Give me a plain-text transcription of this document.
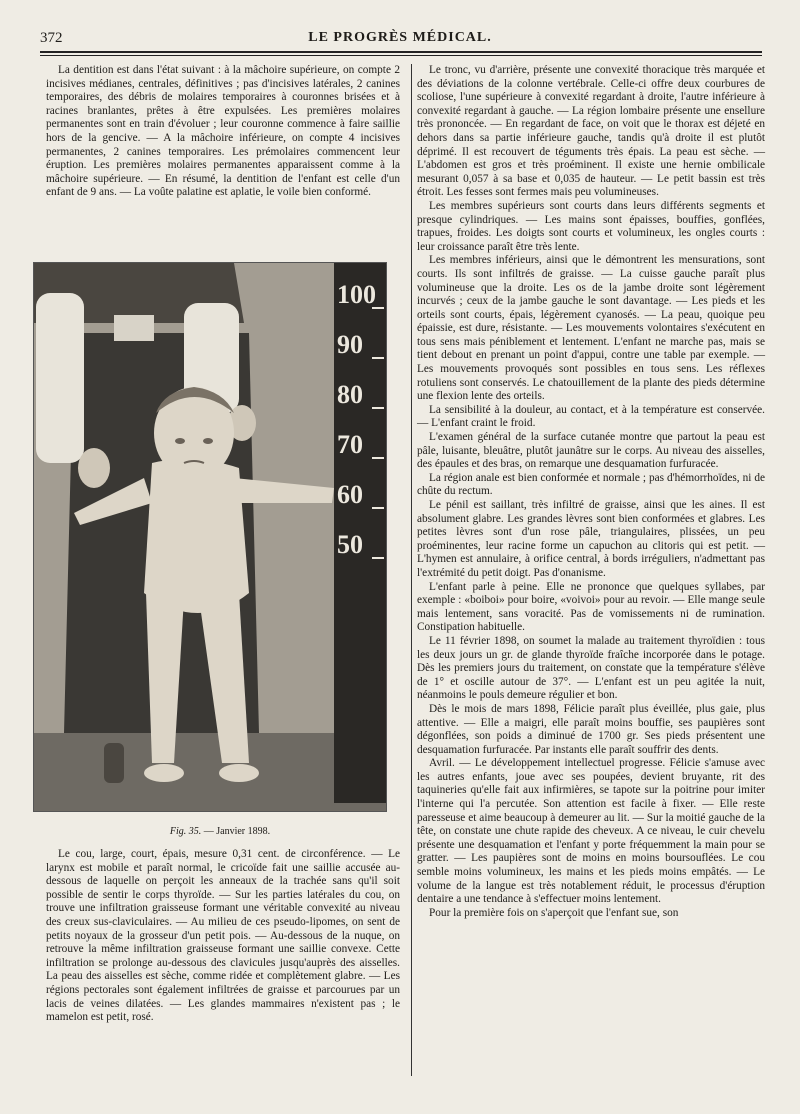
372	LE PROGRÈS MÉDICAL.

La dentition est dans l'état suivant : à la mâchoire supérieure, on compte 2 incisives médianes, centrales, définitives ; pas d'incisives latérales, 2 canines temporaires, des débris de molaires temporaires à couronnes brisées et à racines branlantes, prêtes à être expulsées. Les premières molaires permanentes sont en train d'évoluer ; leur couronne commence à faire saillie hors de la gencive. — A la mâchoire inférieure, on compte 4 incisives permanentes, 2 canines temporaires. Les prémolaires commencent leur éruption. Les premières molaires permanentes apparaissent comme à la mâchoire supérieure. — En résumé, la dentition de l'enfant est celle d'un enfant de 9 ans. — La voûte palatine est aplatie, le voile bien conformé.

100
90
80
70
60
50
Fig. 35. — Janvier 1898.

Le cou, large, court, épais, mesure 0,31 cent. de circonférence. — Le larynx est mobile et paraît normal, le cricoïde fait une saillie accusée au-dessous de laquelle on perçoit les anneaux de la trachée sans qu'il soit possible de sentir le corps thyroïde. — Sur les parties latérales du cou, on trouve une infiltration graisseuse formant une véritable convexité au niveau des creux sus-claviculaires. — Au milieu de ces pseudo-lipomes, on sent de petits noyaux de la grosseur d'un petit pois. — Au-dessous de la nuque, on retrouve la même infiltration graisseuse formant une saillie convexe. Cette infiltration se prolonge au-dessous des clavicules jusqu'auprès des aisselles. La peau des aisselles est sèche, comme ridée et complètement glabre. — Les régions pectorales sont également infiltrées de graisse et parcourues par un lacis de veines dilatées. — Les glandes mammaires n'existent pas ; le mamelon est petit, rosé.

Le tronc, vu d'arrière, présente une convexité thoracique très marquée et des déviations de la colonne vertébrale. Celle-ci offre deux courbures de scoliose, l'une supérieure à convexité regardant à droite, l'autre inférieure à convexité regardant à gauche. — La région lombaire présente une ensellure très prononcée. — En regardant de face, on voit que le thorax est déjeté en dehors dans sa partie inférieure gauche, tandis qu'à droite il est plutôt déprimé. Il est recouvert de téguments très épais. La peau est sèche. — L'abdomen est gros et très proéminent. Il existe une hernie ombilicale mesurant 0,057 à sa base et 0,035 de hauteur. — Le petit bassin est très étroit. Les fesses sont fermes mais peu volumineuses.

Les membres supérieurs sont courts dans leurs différents segments et presque cylindriques. — Les mains sont épaisses, bouffies, gonflées, trapues, froides. Les doigts sont courts et volumineux, les ongles courts : leur croissance paraît être très lente.

Les membres inférieurs, ainsi que le démontrent les mensurations, sont courts. Ils sont infiltrés de graisse. — La cuisse gauche paraît plus volumineuse que la droite. Les os de la jambe droite sont légèrement incurvés ; ceux de la jambe gauche le sont davantage. — Les pieds et les orteils sont courts, épais, légèrement cyanosés. — La peau, quoique peu épaissie, est dure, résistante. — Les mouvements volontaires s'exécutent en tous sens mais péniblement et lentement. L'enfant ne marche pas, mais se tient debout en prenant un point d'appui, contre une table par exemple. — Les mouvements provoqués sont possibles en tous sens. Les réflexes rotuliens sont conservés. Le chatouillement de la plante des pieds détermine une flexion lente des orteils.

La sensibilité à la douleur, au contact, et à la température est conservée. — L'enfant craint le froid.

L'examen général de la surface cutanée montre que partout la peau est pâle, luisante, bleuâtre, plutôt jaunâtre sur le corps. Au niveau des aisselles, des épaules et des bras, on remarque une desquamation furfuracée.

La région anale est bien conformée et normale ; pas d'hémorrhoïdes, ni de chûte du rectum.

Le pénil est saillant, très infiltré de graisse, ainsi que les aines. Il est absolument glabre. Les grandes lèvres sont bien conformées et glabres. Les petites lèvres sont d'un rose pâle, triangulaires, plissées, un peu proéminentes, leur racine forme un capuchon au clitoris qui est petit. — L'hymen est annulaire, à orifice central, à bords irréguliers, n'admettant pas l'extrémité du petit doigt. Pas d'onanisme.

L'enfant parle à peine. Elle ne prononce que quelques syllabes, par exemple : «boiboi» pour boire, «voivoi» pour au revoir. — Elle mange seule mais lentement, sans voracité. Pas de vomissements ni de rumination. Constipation habituelle.

Le 11 février 1898, on soumet la malade au traitement thyroïdien : tous les deux jours un gr. de glande thyroïde fraîche incorporée dans le potage. Dès les premiers jours du traitement, on constate que la température s'élève de 1° et oscille autour de 37°. — L'enfant est un peu agitée la nuit, néanmoins le pouls demeure régulier et bon.

Dès le mois de mars 1898, Félicie paraît plus éveillée, plus gaie, plus attentive. — Elle a maigri, elle paraît moins bouffie, ses paupières sont dégonflées, son poids a diminué de 1700 gr. Ses pieds présentent une desquamation furfuracée. Par instants elle paraît souffrir des dents.

Avril. — Le développement intellectuel progresse. Félicie s'amuse avec les autres enfants, joue avec ses poupées, devient bruyante, rit des taquineries qu'elle fait aux infirmières, se tapote sur la poitrine pour imiter l'interne qui l'a percutée. Son attention est facile à fixer. — Elle reste paresseuse et aime beaucoup à demeurer au lit. — Sur la moitié gauche de la tête, on constate une chute rapide des cheveux. A ce niveau, le cuir chevelu présente une desquamation et l'enfant y porte fréquemment la main pour se gratter. — Les paupières sont de moins en moins boursouflées. Le cou semble moins volumineux, les mains et les pieds moins empâtés. — Le volume de la langue est très notablement réduit, le processus d'éruption dentaire a une tendance à s'effectuer moins lentement.

Pour la première fois on s'aperçoit que l'enfant sue, son
